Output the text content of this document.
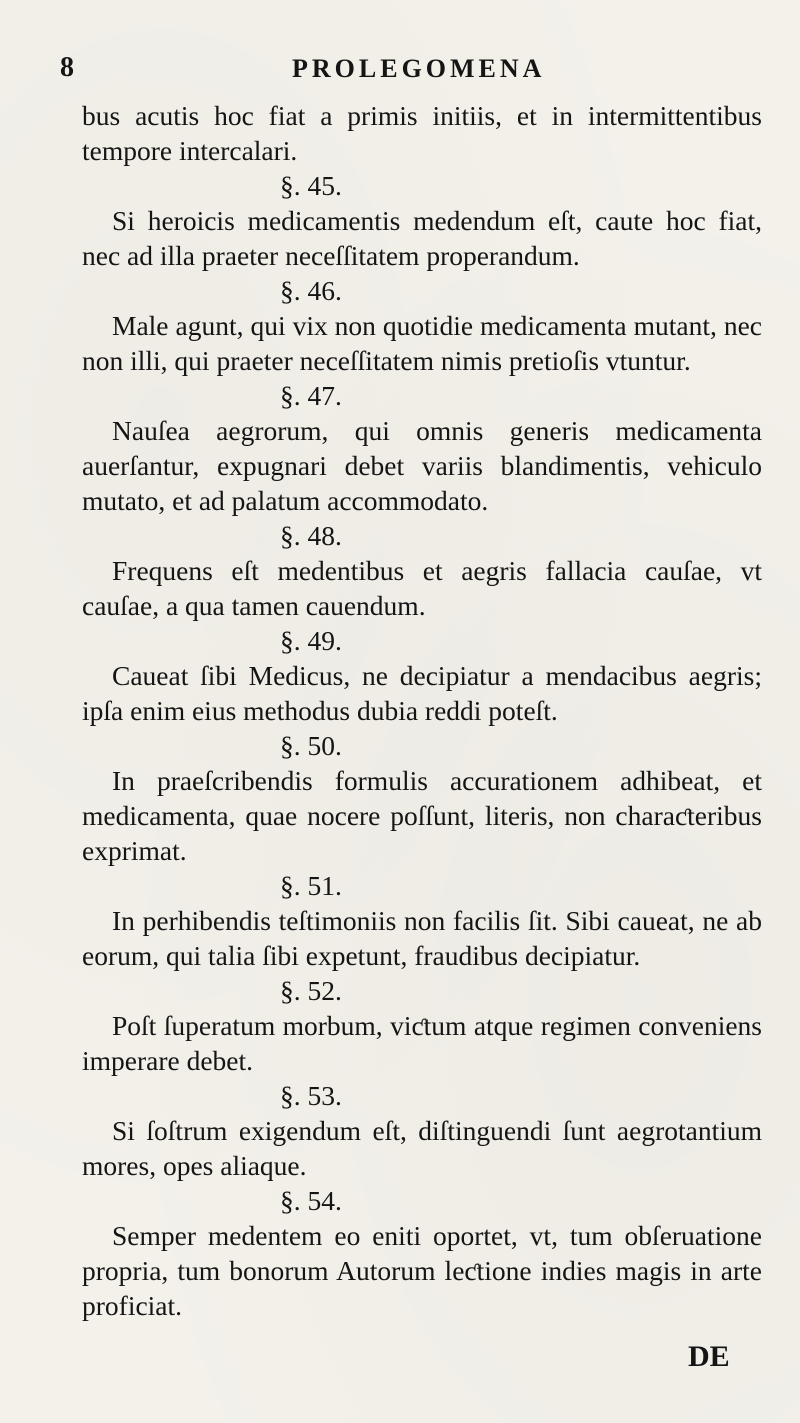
8	PROLEGOMENA

bus acutis hoc fiat a primis initiis, et in intermittentibus tempore intercalari.

§. 45.

Si heroicis medicamentis medendum eſt, caute hoc fiat, nec ad illa praeter neceſſitatem properandum.

§. 46.

Male agunt, qui vix non quotidie medicamenta mutant, nec non illi, qui praeter neceſſitatem nimis pretioſis vtuntur.

§. 47.

Nauſea aegrorum, qui omnis generis medicamenta auerſantur, expugnari debet variis blandimentis, vehiculo mutato, et ad palatum accommodato.

§. 48.

Frequens eſt medentibus et aegris fallacia cauſae, vt cauſae, a qua tamen cauendum.

§. 49.

Caueat ſibi Medicus, ne decipiatur a mendacibus aegris; ipſa enim eius methodus dubia reddi poteſt.

§. 50.

In praeſcribendis formulis accurationem adhibeat, et medicamenta, quae nocere poſſunt, literis, non charaƈteribus exprimat.

§. 51.

In perhibendis teſtimoniis non facilis ſit. Sibi caueat, ne ab eorum, qui talia ſibi expetunt, fraudibus decipiatur.

§. 52.

Poſt ſuperatum morbum, viƈtum atque regimen conveniens imperare debet.

§. 53.

Si ſoſtrum exigendum eſt, diſtinguendi ſunt aegrotantium mores, opes aliaque.

§. 54.

Semper medentem eo eniti oportet, vt, tum obſeruatione propria, tum bonorum Autorum leƈtione indies magis in arte proficiat.

DE
